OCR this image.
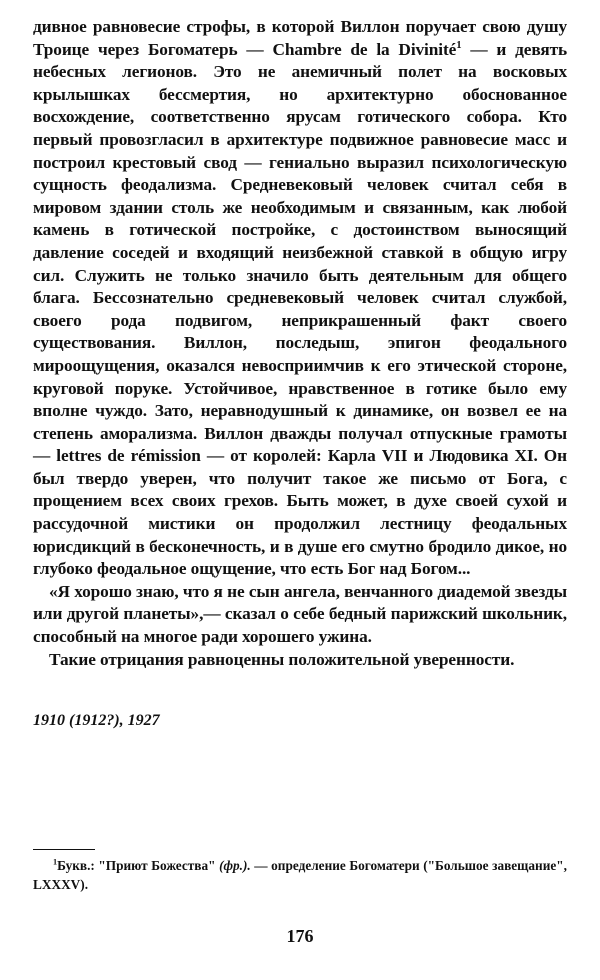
дивное равновесие строфы, в которой Виллон поручает свою душу Троице через Богоматерь — Chambre de la Divinité$^1$ — и девять небесных легионов. Это не анемичный полет на восковых крылышках бессмертия, но архитектурно обоснованное восхождение, соответственно ярусам готического собора. Кто первый провозгласил в архитектуре подвижное равновесие масс и построил крестовый свод — гениально выразил психологическую сущность феодализма. Средневековый человек считал себя в мировом здании столь же необходимым и связанным, как любой камень в готической постройке, с достоинством выносящий давление соседей и входящий неизбежной ставкой в общую игру сил. Служить не только значило быть деятельным для общего блага. Бессознательно средневековый человек считал службой, своего рода подвигом, неприкрашенный факт своего существования. Виллон, последыш, эпигон феодального мироощущения, оказался невосприимчив к его этической стороне, круговой поруке. Устойчивое, нравственное в готике было ему вполне чуждо. Зато, неравнодушный к динамике, он возвел ее на степень аморализма. Виллон дважды получал отпускные грамоты — lettres de rémission — от королей: Карла VII и Людовика XI. Он был твердо уверен, что получит такое же письмо от Бога, с прощением всех своих грехов. Быть может, в духе своей сухой и рассудочной мистики он продолжил лестницу феодальных юрисдикций в бесконечность, и в душе его смутно бродило дикое, но глубоко феодальное ощущение, что есть Бог над Богом...

«Я хорошо знаю, что я не сын ангела, венчанного диадемой звезды или другой планеты»,— сказал о себе бедный парижский школьник, способный на многое ради хорошего ужина.

Такие отрицания равноценны положительной уверенности.

1910 (1912?), 1927
$^1$Букв.: "Приют Божества" (фр.). — определение Богоматери ("Большое завещание", LXXXV).
176
